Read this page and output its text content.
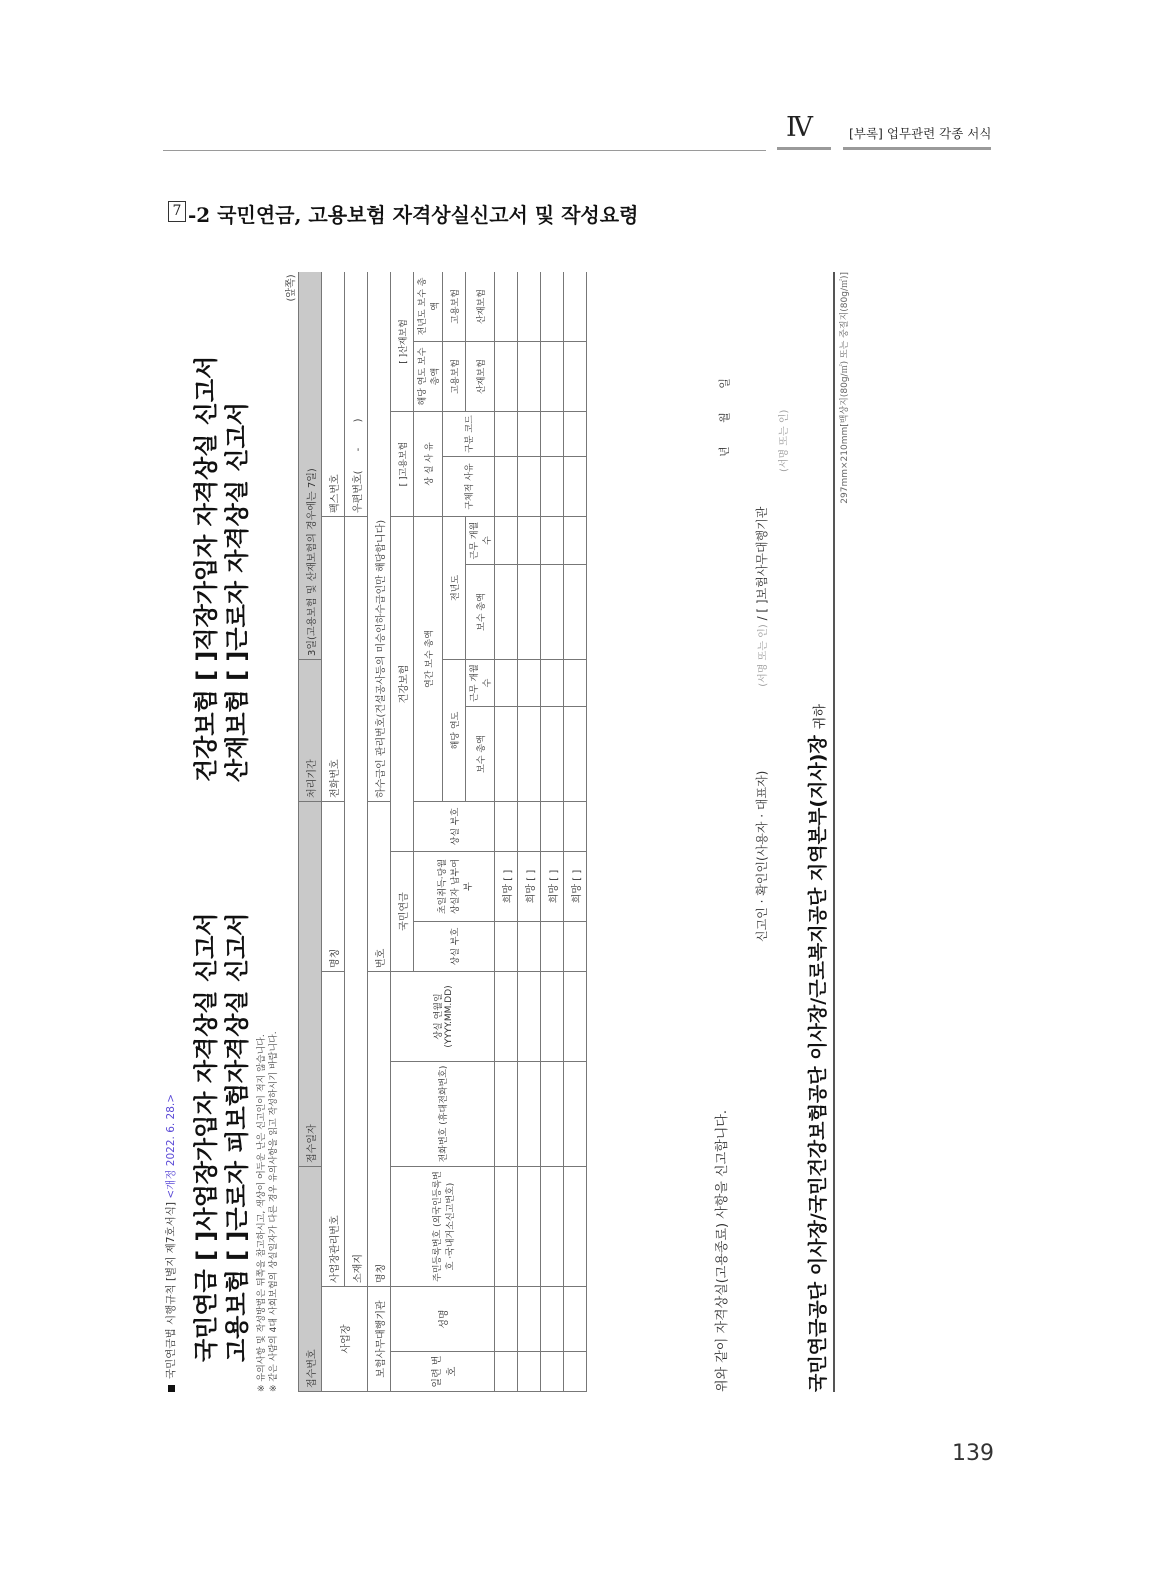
Ⅳ	[부록] 업무관련 각종 서식
7 -2 국민연금, 고용보험 자격상실신고서 및 작성요령
국민연금법 시행규칙 [별지 제7호서식] <개정 2022. 6. 28.> 국민연금 [ ]사업장가입자 자격상실 신고서 고용보험 [ ]근로자 피보험자격상실 신고서
건강보험 [ ]직장가입자 자격상실 신고서 산재보험 [ ]근로자 자격상실 신고서
※ 유의사항 및 작성방법은 뒤쪽을 참고하시고, 색상이 어두운 난은 신고인이 적지 않습니다. ※ 같은 사람의 4대 사회보험의 상실일자가 다른 경우 유의사항을 읽고 작성하시기 바랍니다.
(앞쪽)															
접수번호			접수일자					처리기간		3일(고용보험 및 산재보험의 경우에는 7일)					
사업장		사업장관리번호			명칭			전화번호				팩스번호			
		소재지										우편번호(      -        )			
보험사무대행기관		명칭			번호			하수급인 관리번호(건설공사등의 미승인하수급인만 해당합니다)							
일련 번호	성명	주민등록번호 (외국인등록번호 ·국내거소신고번호)	전화번호 (휴대전화번호)	상실 연월일 (YYYY.MM.DD)	국민연금		건강보험					[ ]고용보험		[ ]산재보험	
					상실 부호	초일취득·당월상실자 납부여부	상실 부호	연간 보수 총액				상 실 사 유		해당 연도 보수 총액	전년도 보수 총액
								해당 연도		전년도		구체적 사유	구분 코드	고용보험	고용보험
								보수 총액	근무 개월수	보수 총액	근무 개월수			산재보험	산재보험
						희망 [ ]									
						희망 [ ]									
						희망 [ ]									
						희망 [ ]									
위와 같이 자격상실(고용종료) 사항을 신고합니다.
년 월 일
신고인 · 확인인(사용자 · 대표자)                      (서명 또는 인) / [ ]보험사무대행기관
(서명 또는 인)
국민연금공단 이사장/국민건강보험공단 이사장/근로복지공단 지역본부(지사)장귀하
297mm×210mm[백상지(80g/㎡) 또는 중질지(80g/㎡)]
139
